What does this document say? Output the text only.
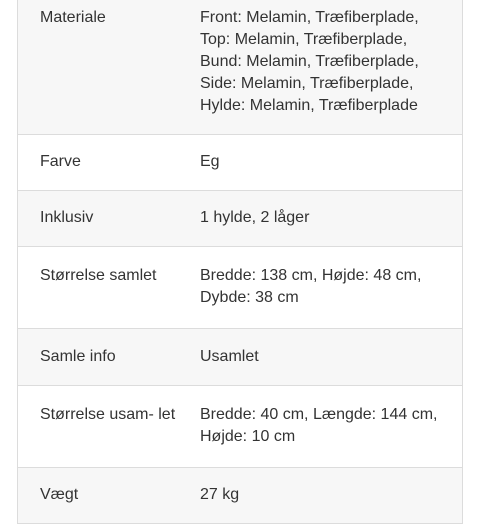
Materiale	Front: Melamin, Træfiberplade,
Top: Melamin, Træfiberplade,
Bund: Melamin, Træfiberplade,
Side: Melamin, Træfiberplade,
Hylde: Melamin, Træfiberplade
Farve	Eg
Inklusiv	1 hylde, 2 låger
Størrelse samlet	Bredde: 138 cm, Højde: 48 cm,
Dybde: 38 cm
Samle info	Usamlet
Størrelse usam- let	Bredde: 40 cm, Længde: 144 cm,
Højde: 10 cm
Vægt	27 kg
